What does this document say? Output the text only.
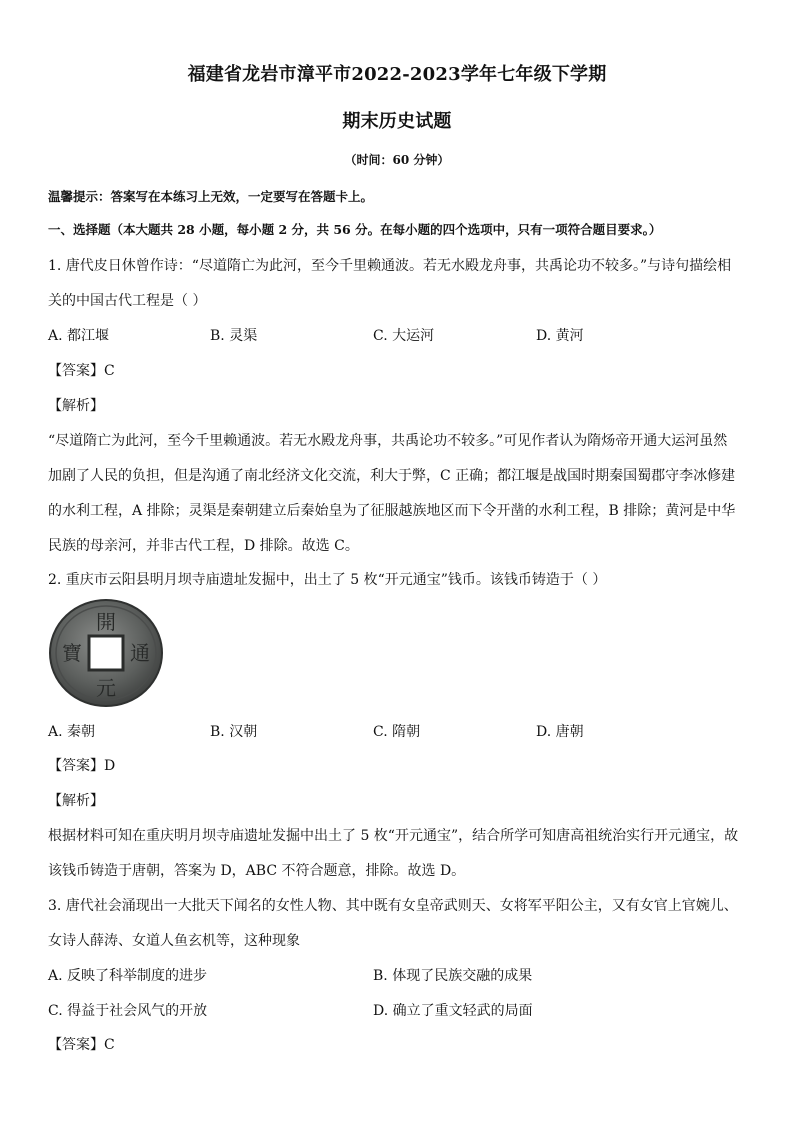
福建省龙岩市漳平市2022-2023学年七年级下学期
期末历史试题
（时间：60 分钟）
温馨提示：答案写在本练习上无效，一定要写在答题卡上。
一、选择题（本大题共 28 小题，每小题 2 分，共 56 分。在每小题的四个选项中，只有一项符合题目要求。）
1. 唐代皮日休曾作诗：“尽道隋亡为此河，至今千里赖通波。若无水殿龙舟事，共禹论功不较多。”与诗句描绘相
关的中国古代工程是（ ）
A. 都江堰	B. 灵渠	C. 大运河	D. 黄河
【答案】C
【解析】
“尽道隋亡为此河，至今千里赖通波。若无水殿龙舟事，共禹论功不较多。”可见作者认为隋炀帝开通大运河虽然
加剧了人民的负担，但是沟通了南北经济文化交流，利大于弊，C 正确；都江堰是战国时期秦国蜀郡守李冰修建
的水利工程，A 排除；灵渠是秦朝建立后秦始皇为了征服越族地区而下令开凿的水利工程，B 排除；黄河是中华
民族的母亲河，并非古代工程，D 排除。故选 C。
2. 重庆市云阳县明月坝寺庙遗址发掘中，出土了 5 枚“开元通宝”钱币。该钱币铸造于（ ）
開
通
寶
元
A. 秦朝	B. 汉朝	C. 隋朝	D. 唐朝
【答案】D
【解析】
根据材料可知在重庆明月坝寺庙遗址发掘中出土了 5 枚“开元通宝”，结合所学可知唐高祖统治实行开元通宝，故
该钱币铸造于唐朝，答案为 D，ABC 不符合题意，排除。故选 D。
3. 唐代社会涌现出一大批天下闻名的女性人物、其中既有女皇帝武则天、女将军平阳公主，又有女官上官婉儿、
女诗人薛涛、女道人鱼玄机等，这种现象
A. 反映了科举制度的进步	B. 体现了民族交融的成果
C. 得益于社会风气的开放	D. 确立了重文轻武的局面
【答案】C
